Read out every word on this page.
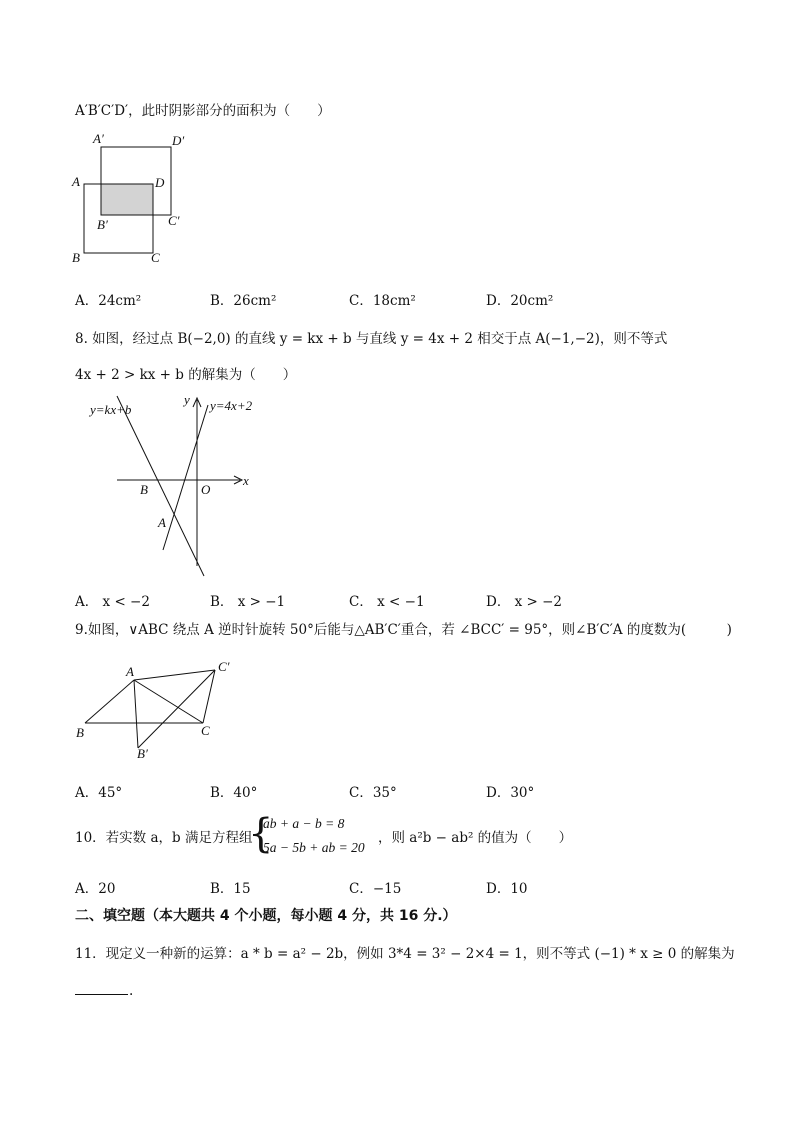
A′B′C′D′，此时阴影部分的面积为（　　）
A′	D′
A	D
B′	C′
B	C
A．24cm²	B．26cm²	C．18cm²	D．20cm²
8. 如图，经过点 B(−2,0) 的直线 y = kx + b 与直线 y = 4x + 2 相交于点 A(−1,−2)，则不等式
4x + 2 > kx + b 的解集为（　　）
y=kx+b	y=4x+2
y
x
B	O
A
A． x < −2	B． x > −1	C． x < −1	D． x > −2
9.如图，∨ABC 绕点 A 逆时针旋转 50°后能与△AB′C′重合，若 ∠BCC′ = 95°，则∠B′C′A 的度数为(　　　)
A	C′
B	C
B′
A．45°	B．40°	C．35°	D．30°
10．若实数 a，b 满足方程组
{
ab + a − b = 8
5a − 5b + ab = 20
，则 a²b − ab² 的值为（　　）
A．20	B．15	C．−15	D．10
二、填空题（本大题共 4 个小题，每小题 4 分，共 16 分.）
11．现定义一种新的运算：a * b = a² − 2b，例如 3*4 = 3² − 2×4 = 1，则不等式 (−1) * x ≥ 0 的解集为
.
